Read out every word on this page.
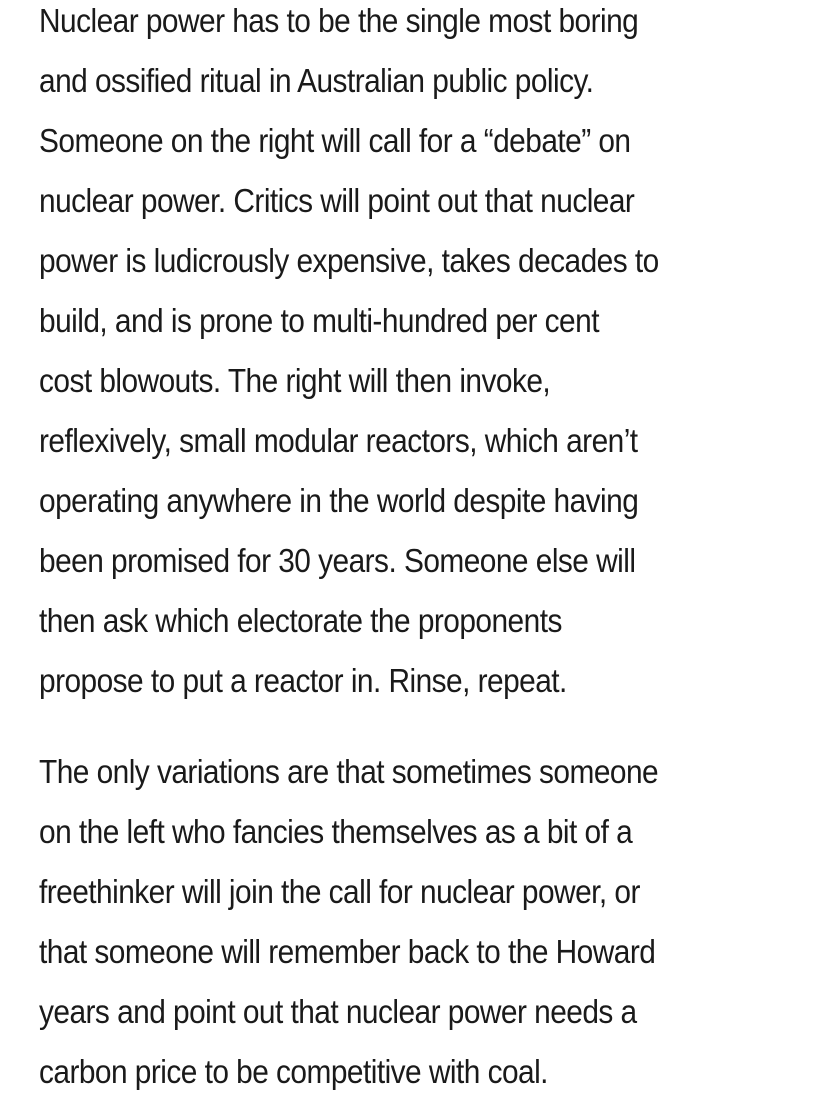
Nuclear power has to be the single most boring
and ossified ritual in Australian public policy.
Someone on the right will call for a “debate” on
nuclear power. Critics will point out that nuclear
power is ludicrously expensive, takes decades to
build, and is prone to multi-hundred per cent
cost blowouts. The right will then invoke,
reflexively, small modular reactors, which aren’t
operating anywhere in the world despite having
been promised for 30 years. Someone else will
then ask which electorate the proponents
propose to put a reactor in. Rinse, repeat.

The only variations are that sometimes someone
on the left who fancies themselves as a bit of a
freethinker will join the call for nuclear power, or
that someone will remember back to the Howard
years and point out that nuclear power needs a
carbon price to be competitive with coal.
